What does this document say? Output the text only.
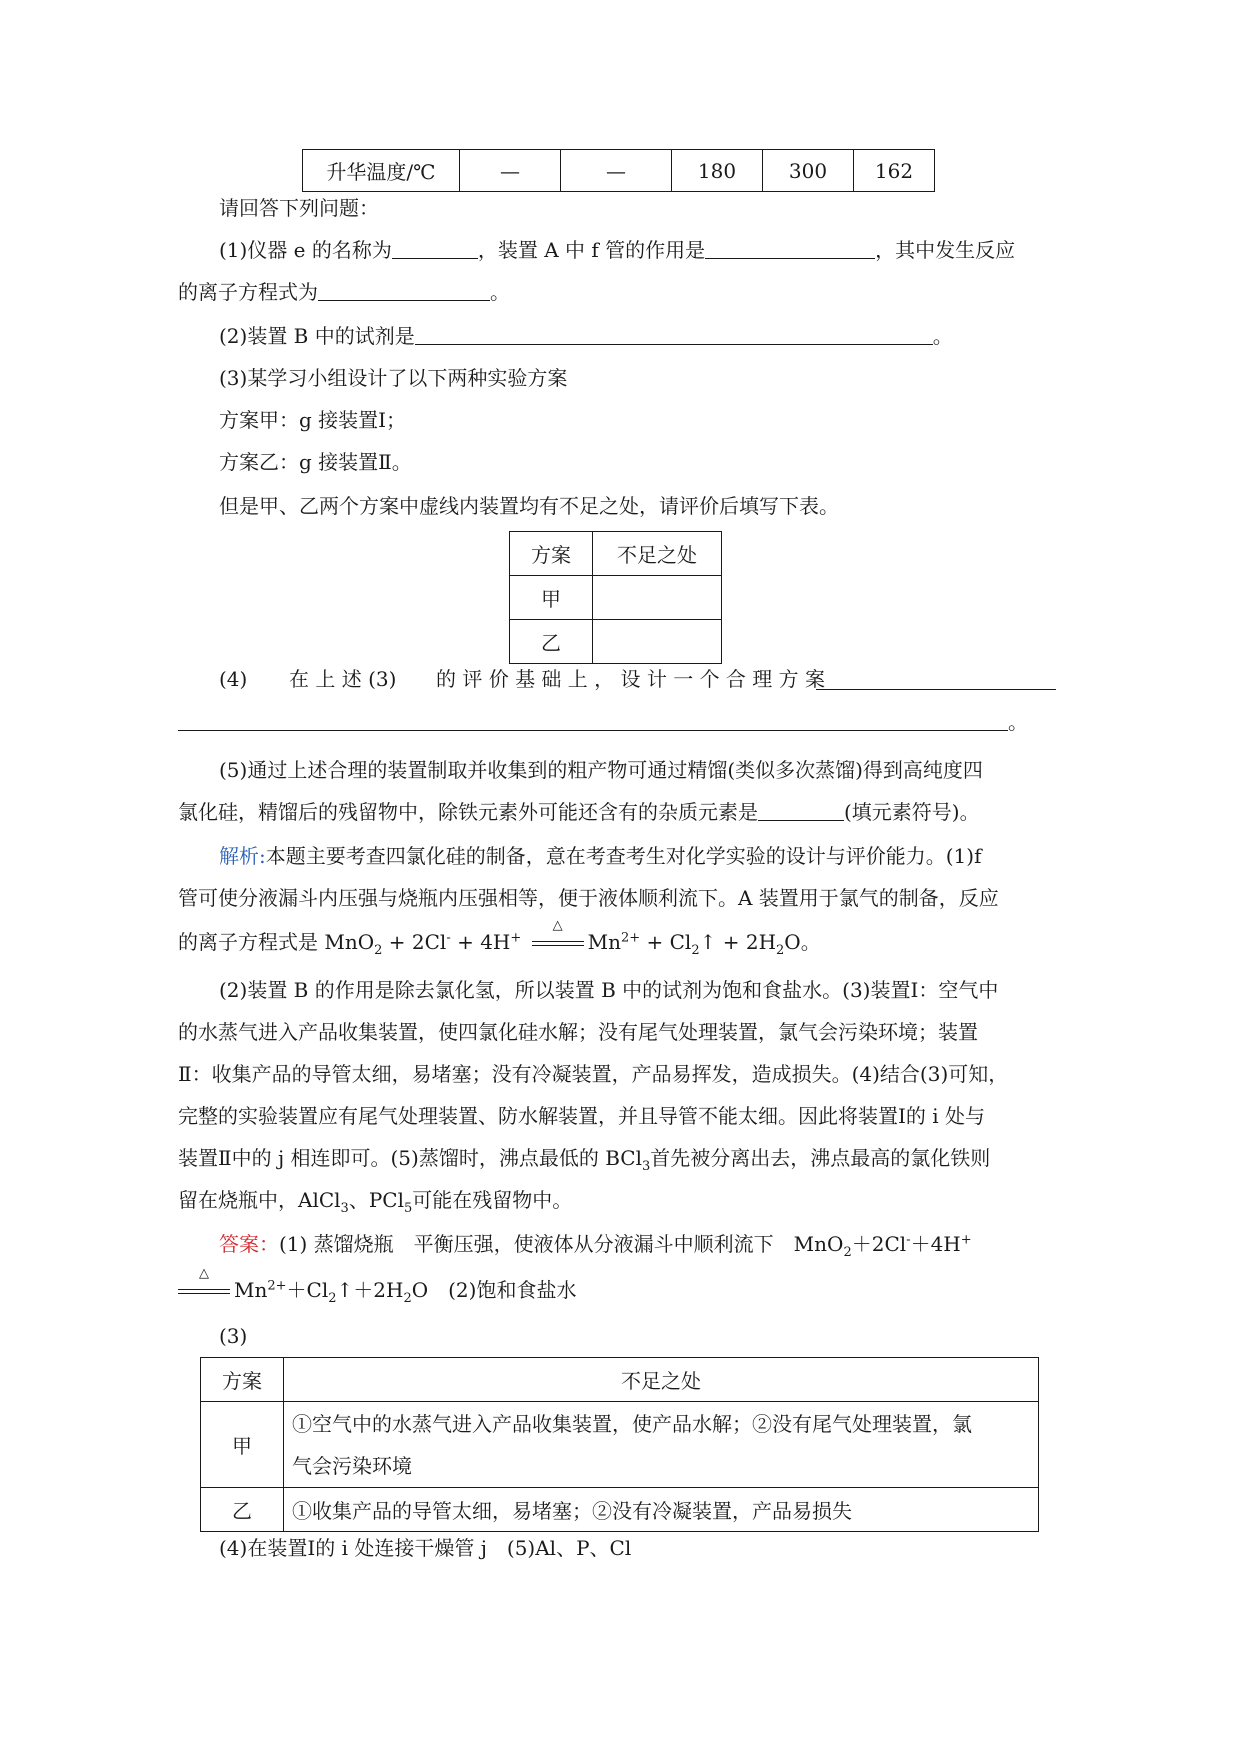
升华温度/℃	—	—	180	300	162
请回答下列问题：
(1)仪器 e 的名称为	，装置 A 中 f 管的作用是	，其中发生反应
的离子方程式为	。
(2)装置 B 中的试剂是	。
(3)某学习小组设计了以下两种实验方案
方案甲：g 接装置Ⅰ；
方案乙：g 接装置Ⅱ。
但是甲、乙两个方案中虚线内装置均有不足之处，请评价后填写下表。
方案	不足之处
甲	
乙	
(4) 在 上 述 (3) 的 评 价 基 础 上 ， 设 计 一 个 合 理 方 案
。
(5)通过上述合理的装置制取并收集到的粗产物可通过精馏(类似多次蒸馏)得到高纯度四
氯化硅，精馏后的残留物中，除铁元素外可能还含有的杂质元素是	(填元素符号)。
解析:本题主要考查四氯化硅的制备，意在考查考生对化学实验的设计与评价能力。(1)f
管可使分液漏斗内压强与烧瓶内压强相等，便于液体顺利流下。A 装置用于氯气的制备，反应
的离子方程式是 MnO$_2$ + 2Cl- + 4H+
△
$Mn^{2+}$ + $Cl_2↑ + 2H_2O$。
(2)装置 B 的作用是除去氯化氢，所以装置 B 中的试剂为饱和食盐水。(3)装置Ⅰ：空气中
的水蒸气进入产品收集装置，使四氯化硅水解；没有尾气处理装置，氯气会污染环境；装置
Ⅱ：收集产品的导管太细，易堵塞；没有冷凝装置，产品易挥发，造成损失。(4)结合(3)可知，
完整的实验装置应有尾气处理装置、防水解装置，并且导管不能太细。因此将装置Ⅰ的 i 处与
装置Ⅱ中的 j 相连即可。(5)蒸馏时，沸点最低的 BCl$_3$首先被分离出去，沸点最高的氯化铁则
留在烧瓶中，AlCl$_3$、PCl$_5$可能在残留物中。
答案：(1) 蒸馏烧瓶　平衡压强，使液体从分液漏斗中顺利流下　MnO$_2$＋2Cl-＋4H+
△
$Mn^{2+}+Cl_2↑+2H_2O$　(2)饱和食盐水
(3)
方案	不足之处
甲	①空气中的水蒸气进入产品收集装置，使产品水解；②没有尾气处理装置，氯
气会污染环境

乙	①收集产品的导管太细，易堵塞；②没有冷凝装置，产品易损失
(4)在装置Ⅰ的 i 处连接干燥管 j　(5)Al、P、Cl
